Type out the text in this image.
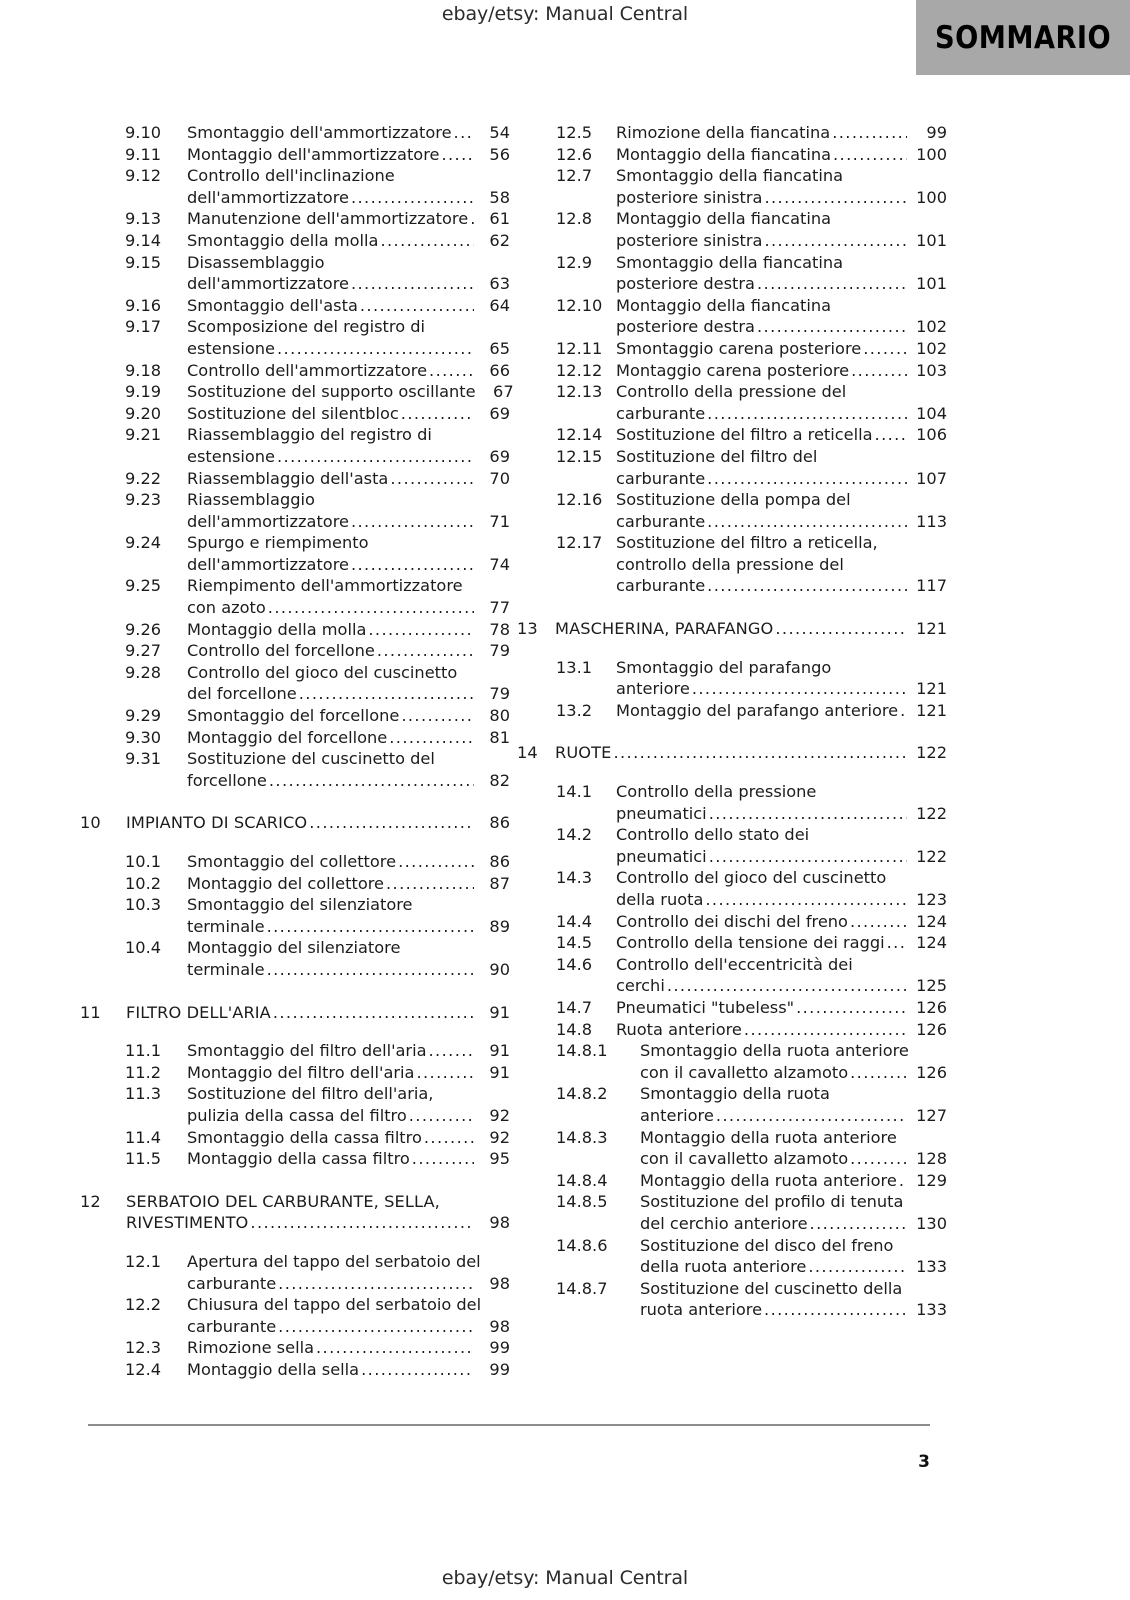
ebay/etsy: Manual Central
SOMMARIO
9.10	Smontaggio dell'ammortizzatore .....	54
9.11	Montaggio dell'ammortizzatore .....	56
9.12	Controllo dell'inclinazione
dell'ammortizzatore .....	58
9.13	Manutenzione dell'ammortizzatore .....	61
9.14	Smontaggio della molla .....	62
9.15	Disassemblaggio
dell'ammortizzatore .....	63
9.16	Smontaggio dell'asta .....	64
9.17	Scomposizione del registro di
estensione .....	65
9.18	Controllo dell'ammortizzatore .....	66
9.19	Sostituzione del supporto oscillante	67
9.20	Sostituzione del silentbloc .....	69
9.21	Riassemblaggio del registro di
estensione .....	69
9.22	Riassemblaggio dell'asta .....	70
9.23	Riassemblaggio
dell'ammortizzatore .....	71
9.24	Spurgo e riempimento
dell'ammortizzatore .....	74
9.25	Riempimento dell'ammortizzatore
con azoto .....	77
9.26	Montaggio della molla .....	78
9.27	Controllo del forcellone .....	79
9.28	Controllo del gioco del cuscinetto
del forcellone .....	79
9.29	Smontaggio del forcellone .....	80
9.30	Montaggio del forcellone .....	81
9.31	Sostituzione del cuscinetto del
forcellone .....	82
10	IMPIANTO DI SCARICO .....	86
10.1	Smontaggio del collettore .....	86
10.2	Montaggio del collettore .....	87
10.3	Smontaggio del silenziatore
terminale .....	89
10.4	Montaggio del silenziatore
terminale .....	90
11	FILTRO DELL'ARIA .....	91
11.1	Smontaggio del filtro dell'aria .....	91
11.2	Montaggio del filtro dell'aria .....	91
11.3	Sostituzione del filtro dell'aria,
pulizia della cassa del filtro .....	92
11.4	Smontaggio della cassa filtro .....	92
11.5	Montaggio della cassa filtro .....	95
12	SERBATOIO DEL CARBURANTE, SELLA,
RIVESTIMENTO .....	98
12.1	Apertura del tappo del serbatoio del
carburante .....	98
12.2	Chiusura del tappo del serbatoio del
carburante .....	98
12.3	Rimozione sella .....	99
12.4	Montaggio della sella .....	99
12.5	Rimozione della fiancatina .....	99
12.6	Montaggio della fiancatina .....	100
12.7	Smontaggio della fiancatina
posteriore sinistra .....	100
12.8	Montaggio della fiancatina
posteriore sinistra .....	101
12.9	Smontaggio della fiancatina
posteriore destra .....	101
12.10 Montaggio della fiancatina
posteriore destra .....	102
12.11 Smontaggio carena posteriore .....	102
12.12 Montaggio carena posteriore .....	103
12.13 Controllo della pressione del
carburante .....	104
12.14 Sostituzione del filtro a reticella .....	106
12.15 Sostituzione del filtro del
carburante .....	107
12.16 Sostituzione della pompa del
carburante .....	113
12.17 Sostituzione del filtro a reticella,
controllo della pressione del
carburante .....	117
13	MASCHERINA, PARAFANGO .....	121
13.1	Smontaggio del parafango
anteriore .....	121
13.2	Montaggio del parafango anteriore .....	121
14	RUOTE .....	122
14.1	Controllo della pressione
pneumatici .....	122
14.2	Controllo dello stato dei
pneumatici .....	122
14.3	Controllo del gioco del cuscinetto
della ruota .....	123
14.4	Controllo dei dischi del freno .....	124
14.5	Controllo della tensione dei raggi .....	124
14.6	Controllo dell'eccentricità dei
cerchi .....	125
14.7	Pneumatici "tubeless" .....	126
14.8	Ruota anteriore .....	126
14.8.1	Smontaggio della ruota anteriore
con il cavalletto alzamoto .....	126
14.8.2	Smontaggio della ruota
anteriore .....	127
14.8.3	Montaggio della ruota anteriore
con il cavalletto alzamoto .....	128
14.8.4	Montaggio della ruota anteriore .....	129
14.8.5	Sostituzione del profilo di tenuta
del cerchio anteriore .....	130
14.8.6	Sostituzione del disco del freno
della ruota anteriore .....	133
14.8.7	Sostituzione del cuscinetto della
ruota anteriore .....	133
3
ebay/etsy: Manual Central
